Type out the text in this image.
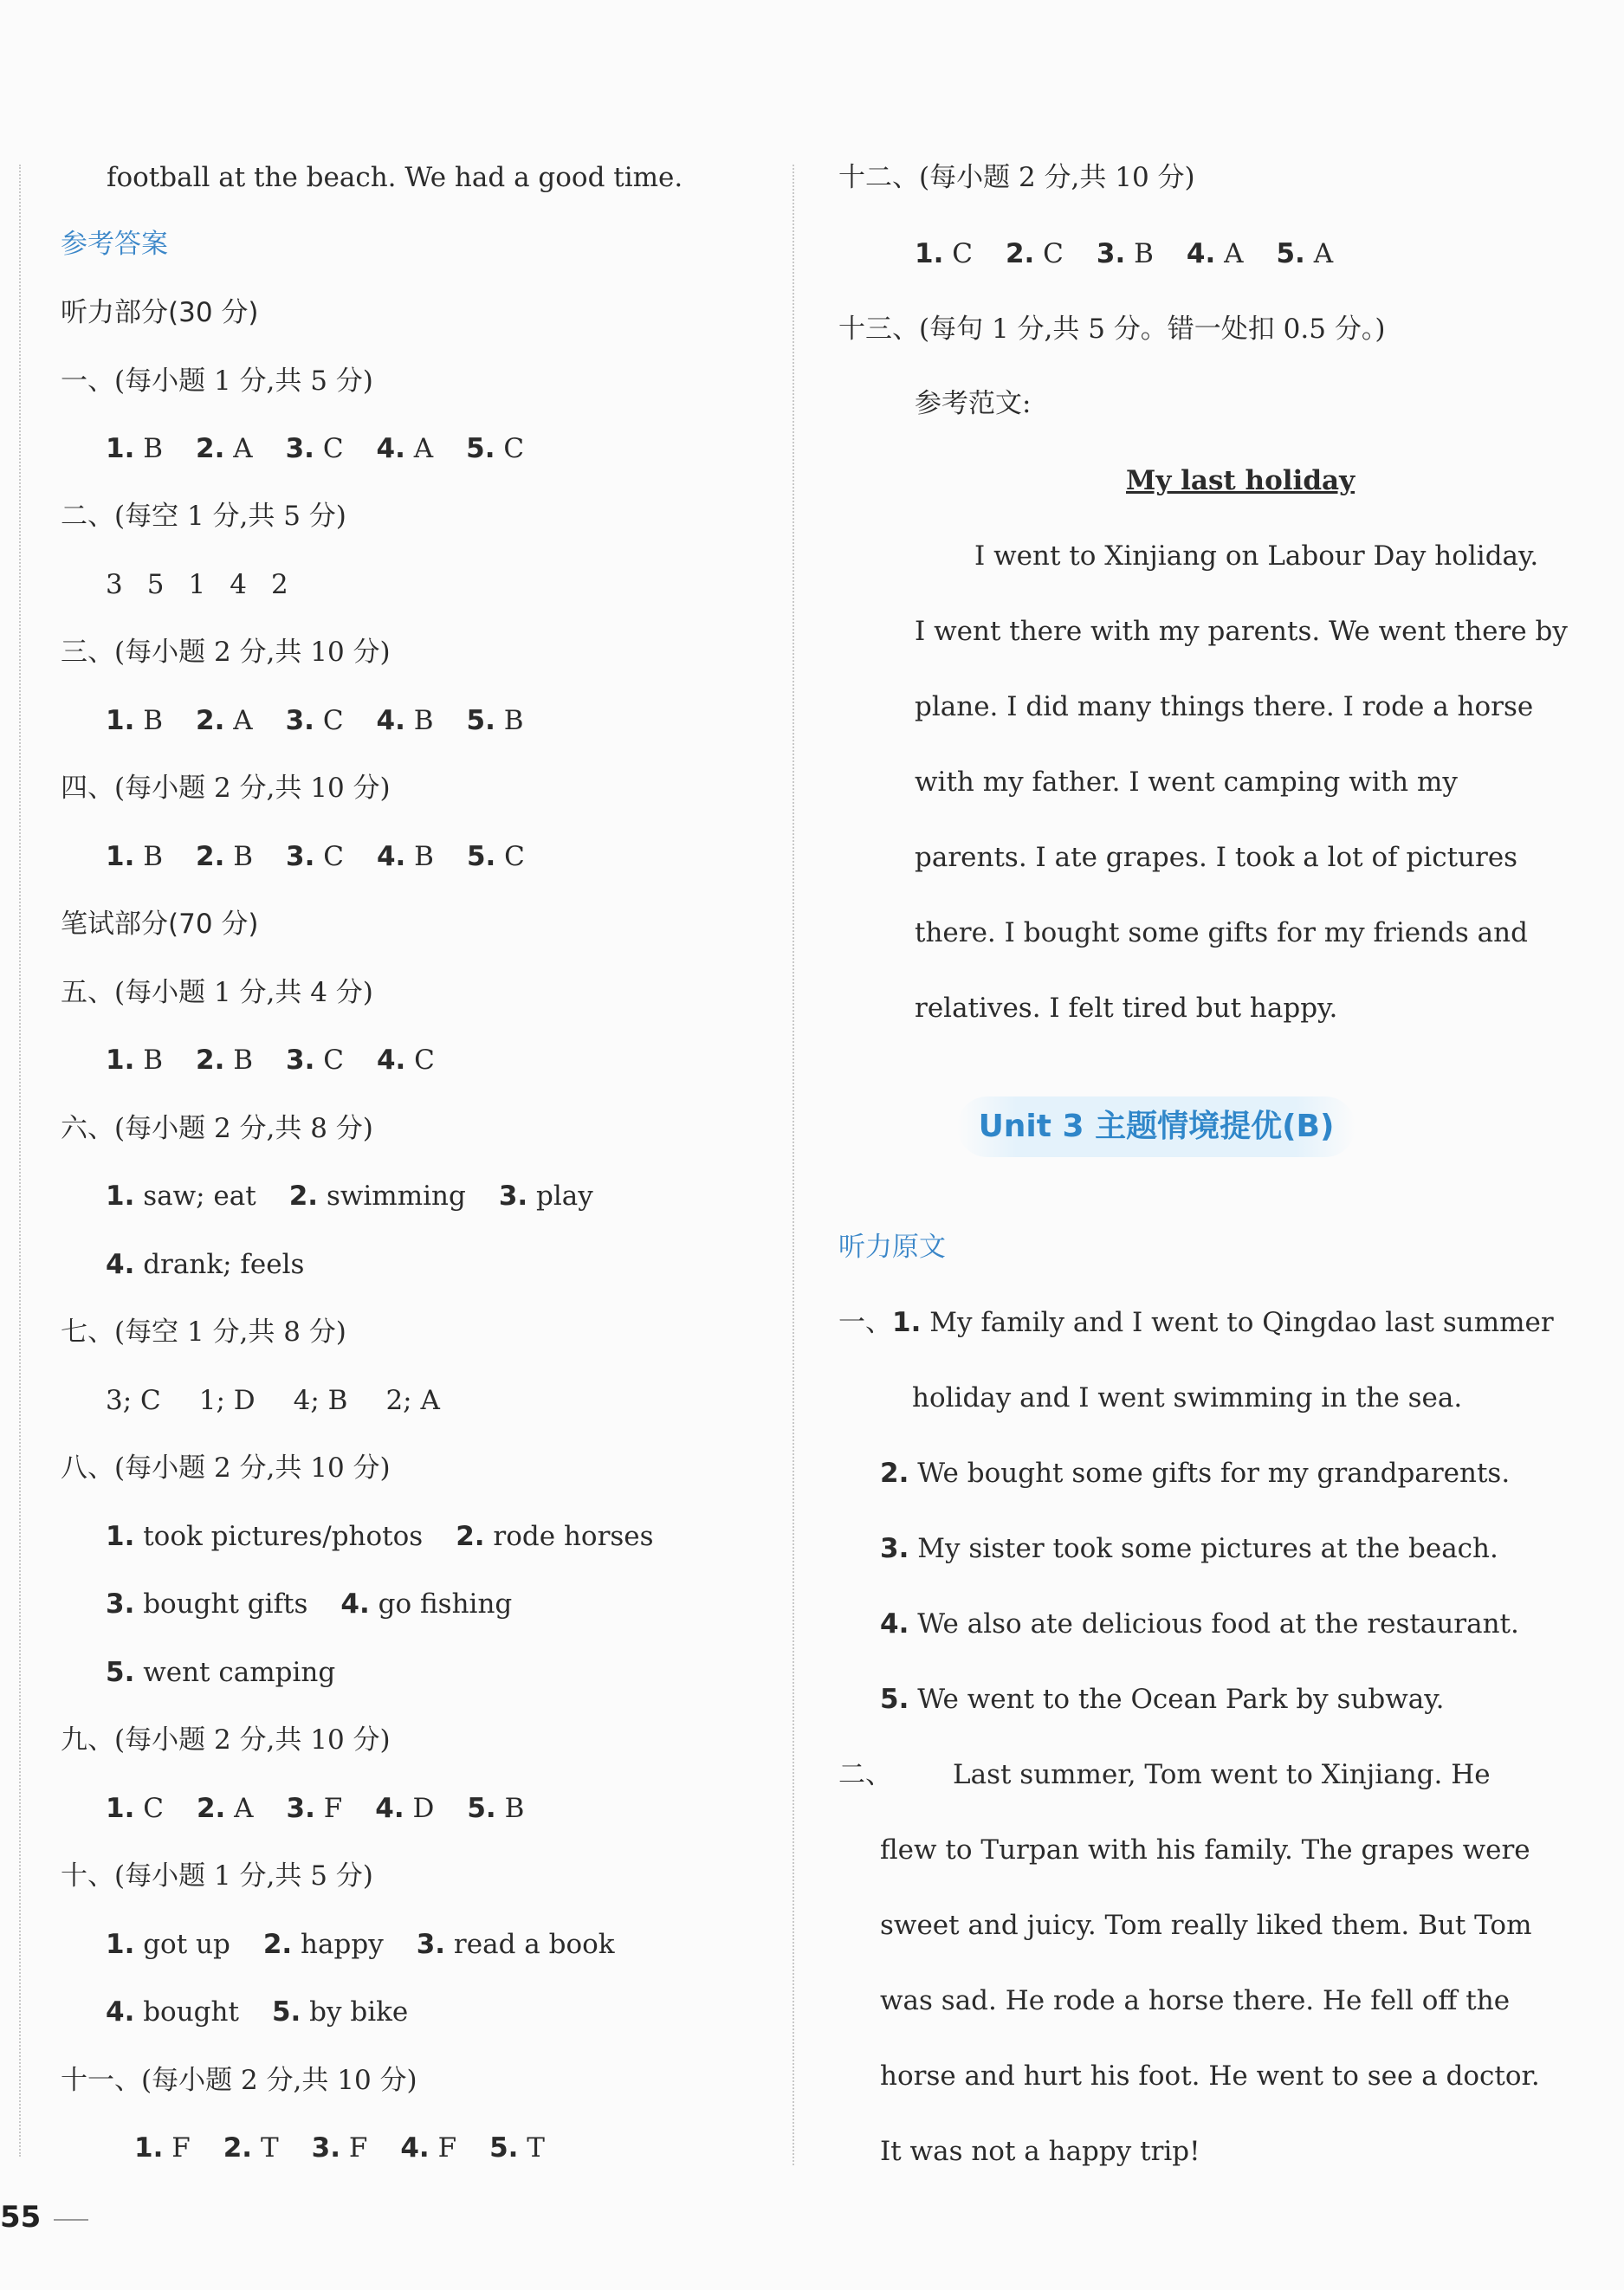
football at the beach. We had a good time.
参考答案
听力部分(30 分)
一、(每小题 1 分,共 5 分)
1. B 2. A 3. C 4. A 5. C
二、(每空 1 分,共 5 分)
3 5 1 4 2
三、(每小题 2 分,共 10 分)
1. B 2. A 3. C 4. B 5. B
四、(每小题 2 分,共 10 分)
1. B 2. B 3. C 4. B 5. C
笔试部分(70 分)
五、(每小题 1 分,共 4 分)
1. B 2. B 3. C 4. C
六、(每小题 2 分,共 8 分)
1. saw; eat 2. swimming 3. play
4. drank; feels
七、(每空 1 分,共 8 分)
3; C 1; D 4; B 2; A
八、(每小题 2 分,共 10 分)
1. took pictures/photos 2. rode horses
3. bought gifts 4. go fishing
5. went camping
九、(每小题 2 分,共 10 分)
1. C 2. A 3. F 4. D 5. B
十、(每小题 1 分,共 5 分)
1. got up 2. happy 3. read a book
4. bought 5. by bike
十一、(每小题 2 分,共 10 分)
1. F 2. T 3. F 4. F 5. T
十二、(每小题 2 分,共 10 分)
1. C 2. C 3. B 4. A 5. A
十三、(每句 1 分,共 5 分。错一处扣 0.5 分。)
参考范文:
My last holiday
I went to Xinjiang on Labour Day holiday.
I went there with my parents. We went there by
plane. I did many things there. I rode a horse
with my father. I went camping with my
parents. I ate grapes. I took a lot of pictures
there. I bought some gifts for my friends and
relatives. I felt tired but happy.
Unit 3 主题情境提优(B)
听力原文
一、1. My family and I went to Qingdao last summer
holiday and I went swimming in the sea.
2. We bought some gifts for my grandparents.
3. My sister took some pictures at the beach.
4. We also ate delicious food at the restaurant.
5. We went to the Ocean Park by subway.
二、 Last summer, Tom went to Xinjiang. He
flew to Turpan with his family. The grapes were
sweet and juicy. Tom really liked them. But Tom
was sad. He rode a horse there. He fell off the
horse and hurt his foot. He went to see a doctor.
It was not a happy trip!
55
